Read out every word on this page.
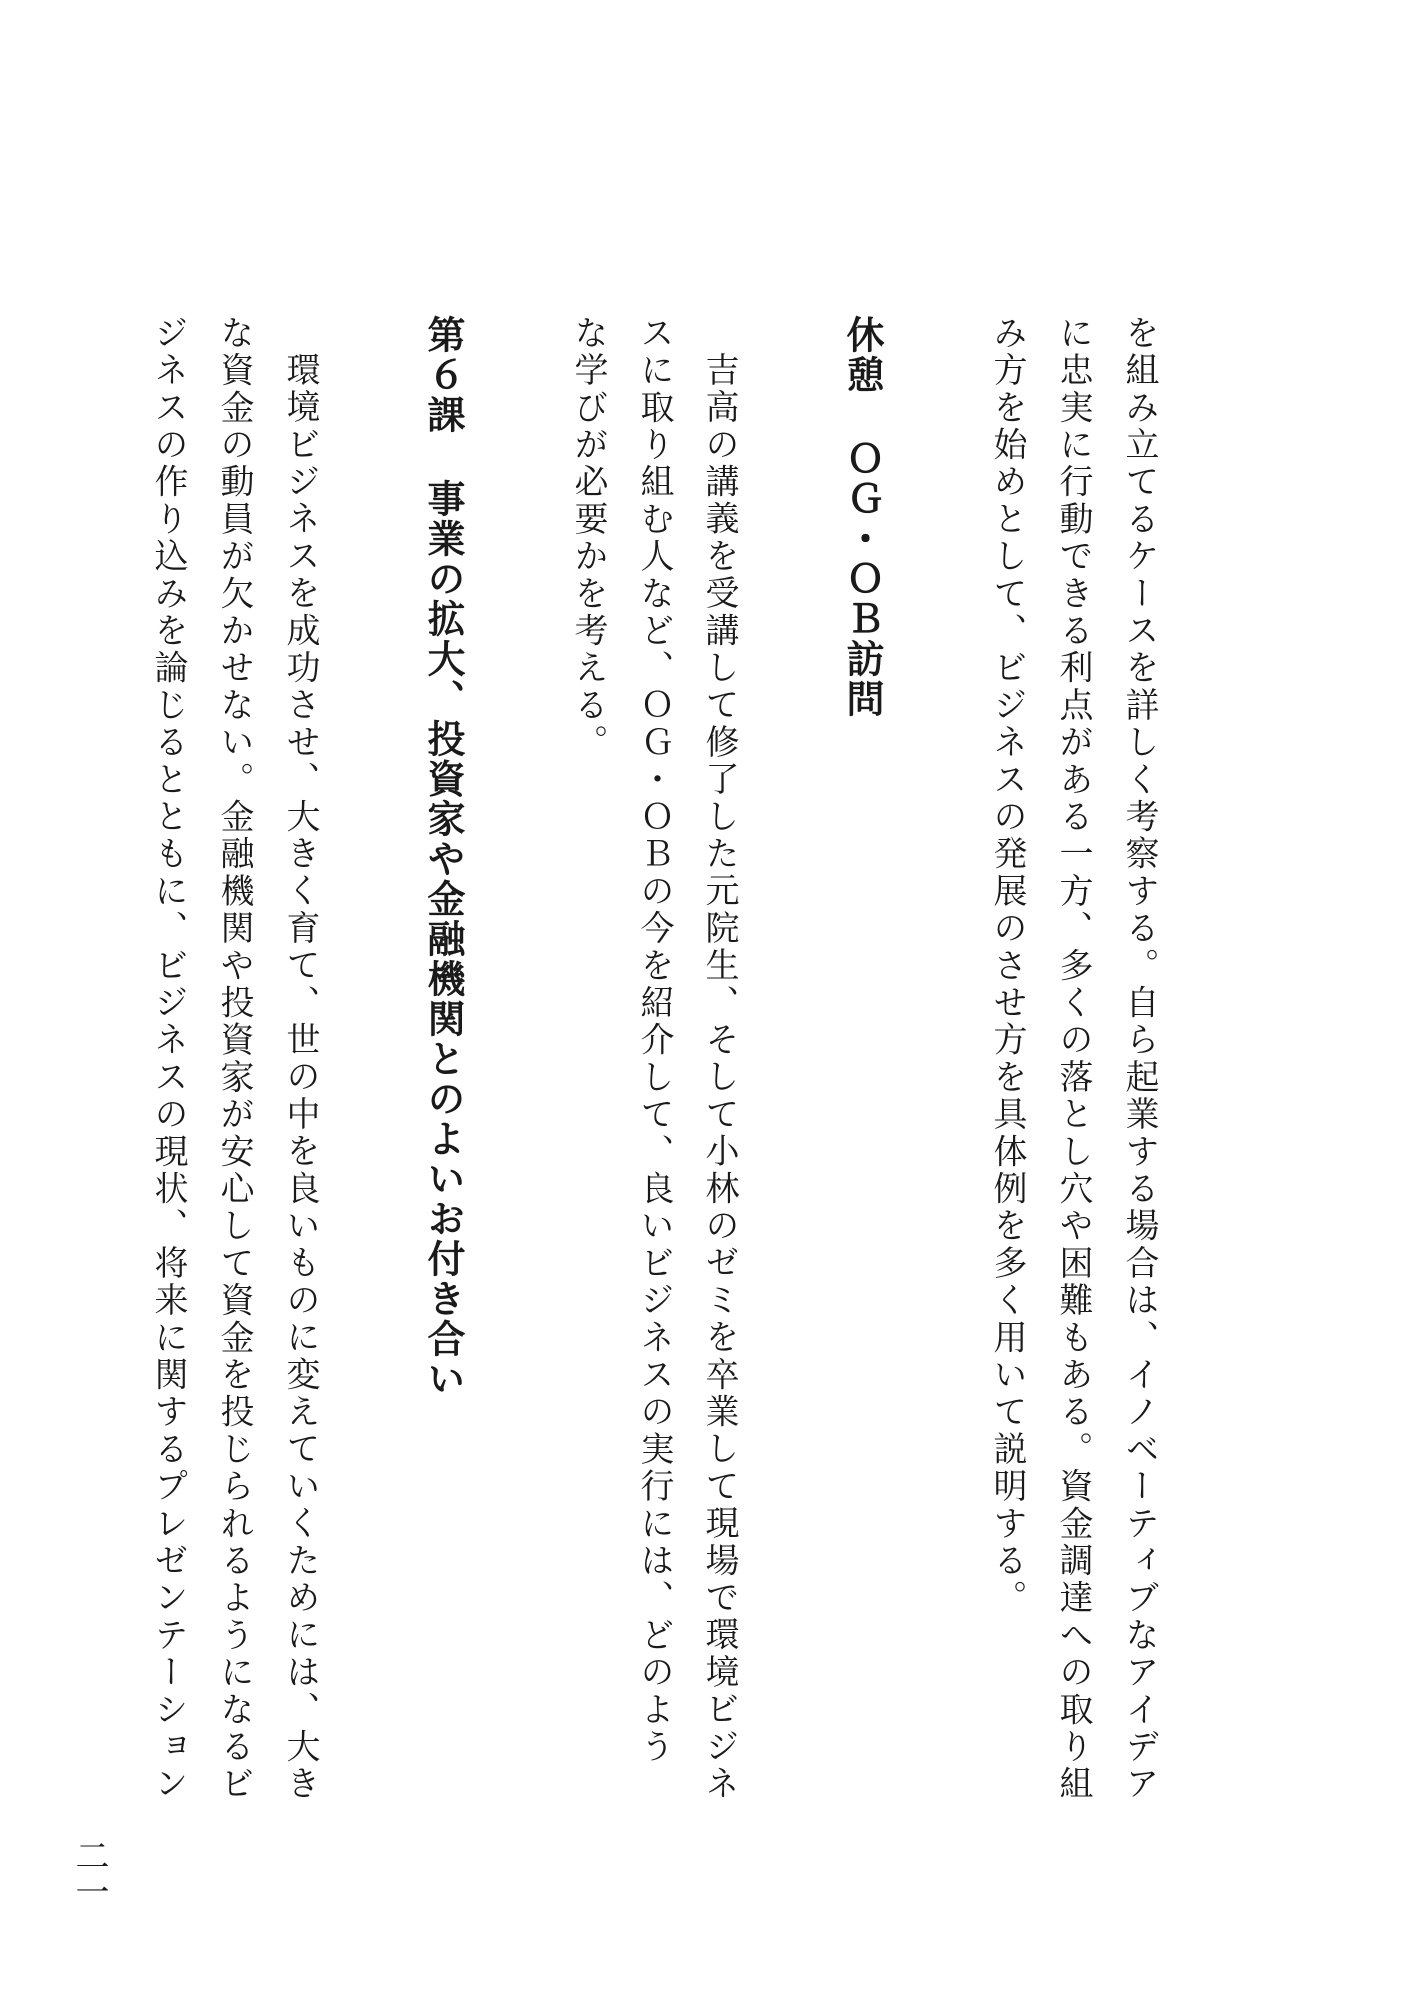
を組み立てるケースを詳しく考察する。自ら起業する場合は、イノベーティブなアイデア

に忠実に行動できる利点がある一方、多くの落とし穴や困難もある。資金調達への取り組

み方を始めとして、ビジネスの発展のさせ方を具体例を多く用いて説明する。

休憩ＯＧ・ＯＢ訪問

吉高の講義を受講して修了した元院生、そして小林のゼミを卒業して現場で環境ビジネ

スに取り組む人など、ＯＧ・ＯＢの今を紹介して、良いビジネスの実行には、どのよう

な学びが必要かを考える。

第６課事業の拡大、投資家や金融機関とのよいお付き合い

環境ビジネスを成功させ、大きく育て、世の中を良いものに変えていくためには、大き

な資金の動員が欠かせない。金融機関や投資家が安心して資金を投じられるようになるビ

ジネスの作り込みを論じるとともに、ビジネスの現状、将来に関するプレゼンテーション

二一
